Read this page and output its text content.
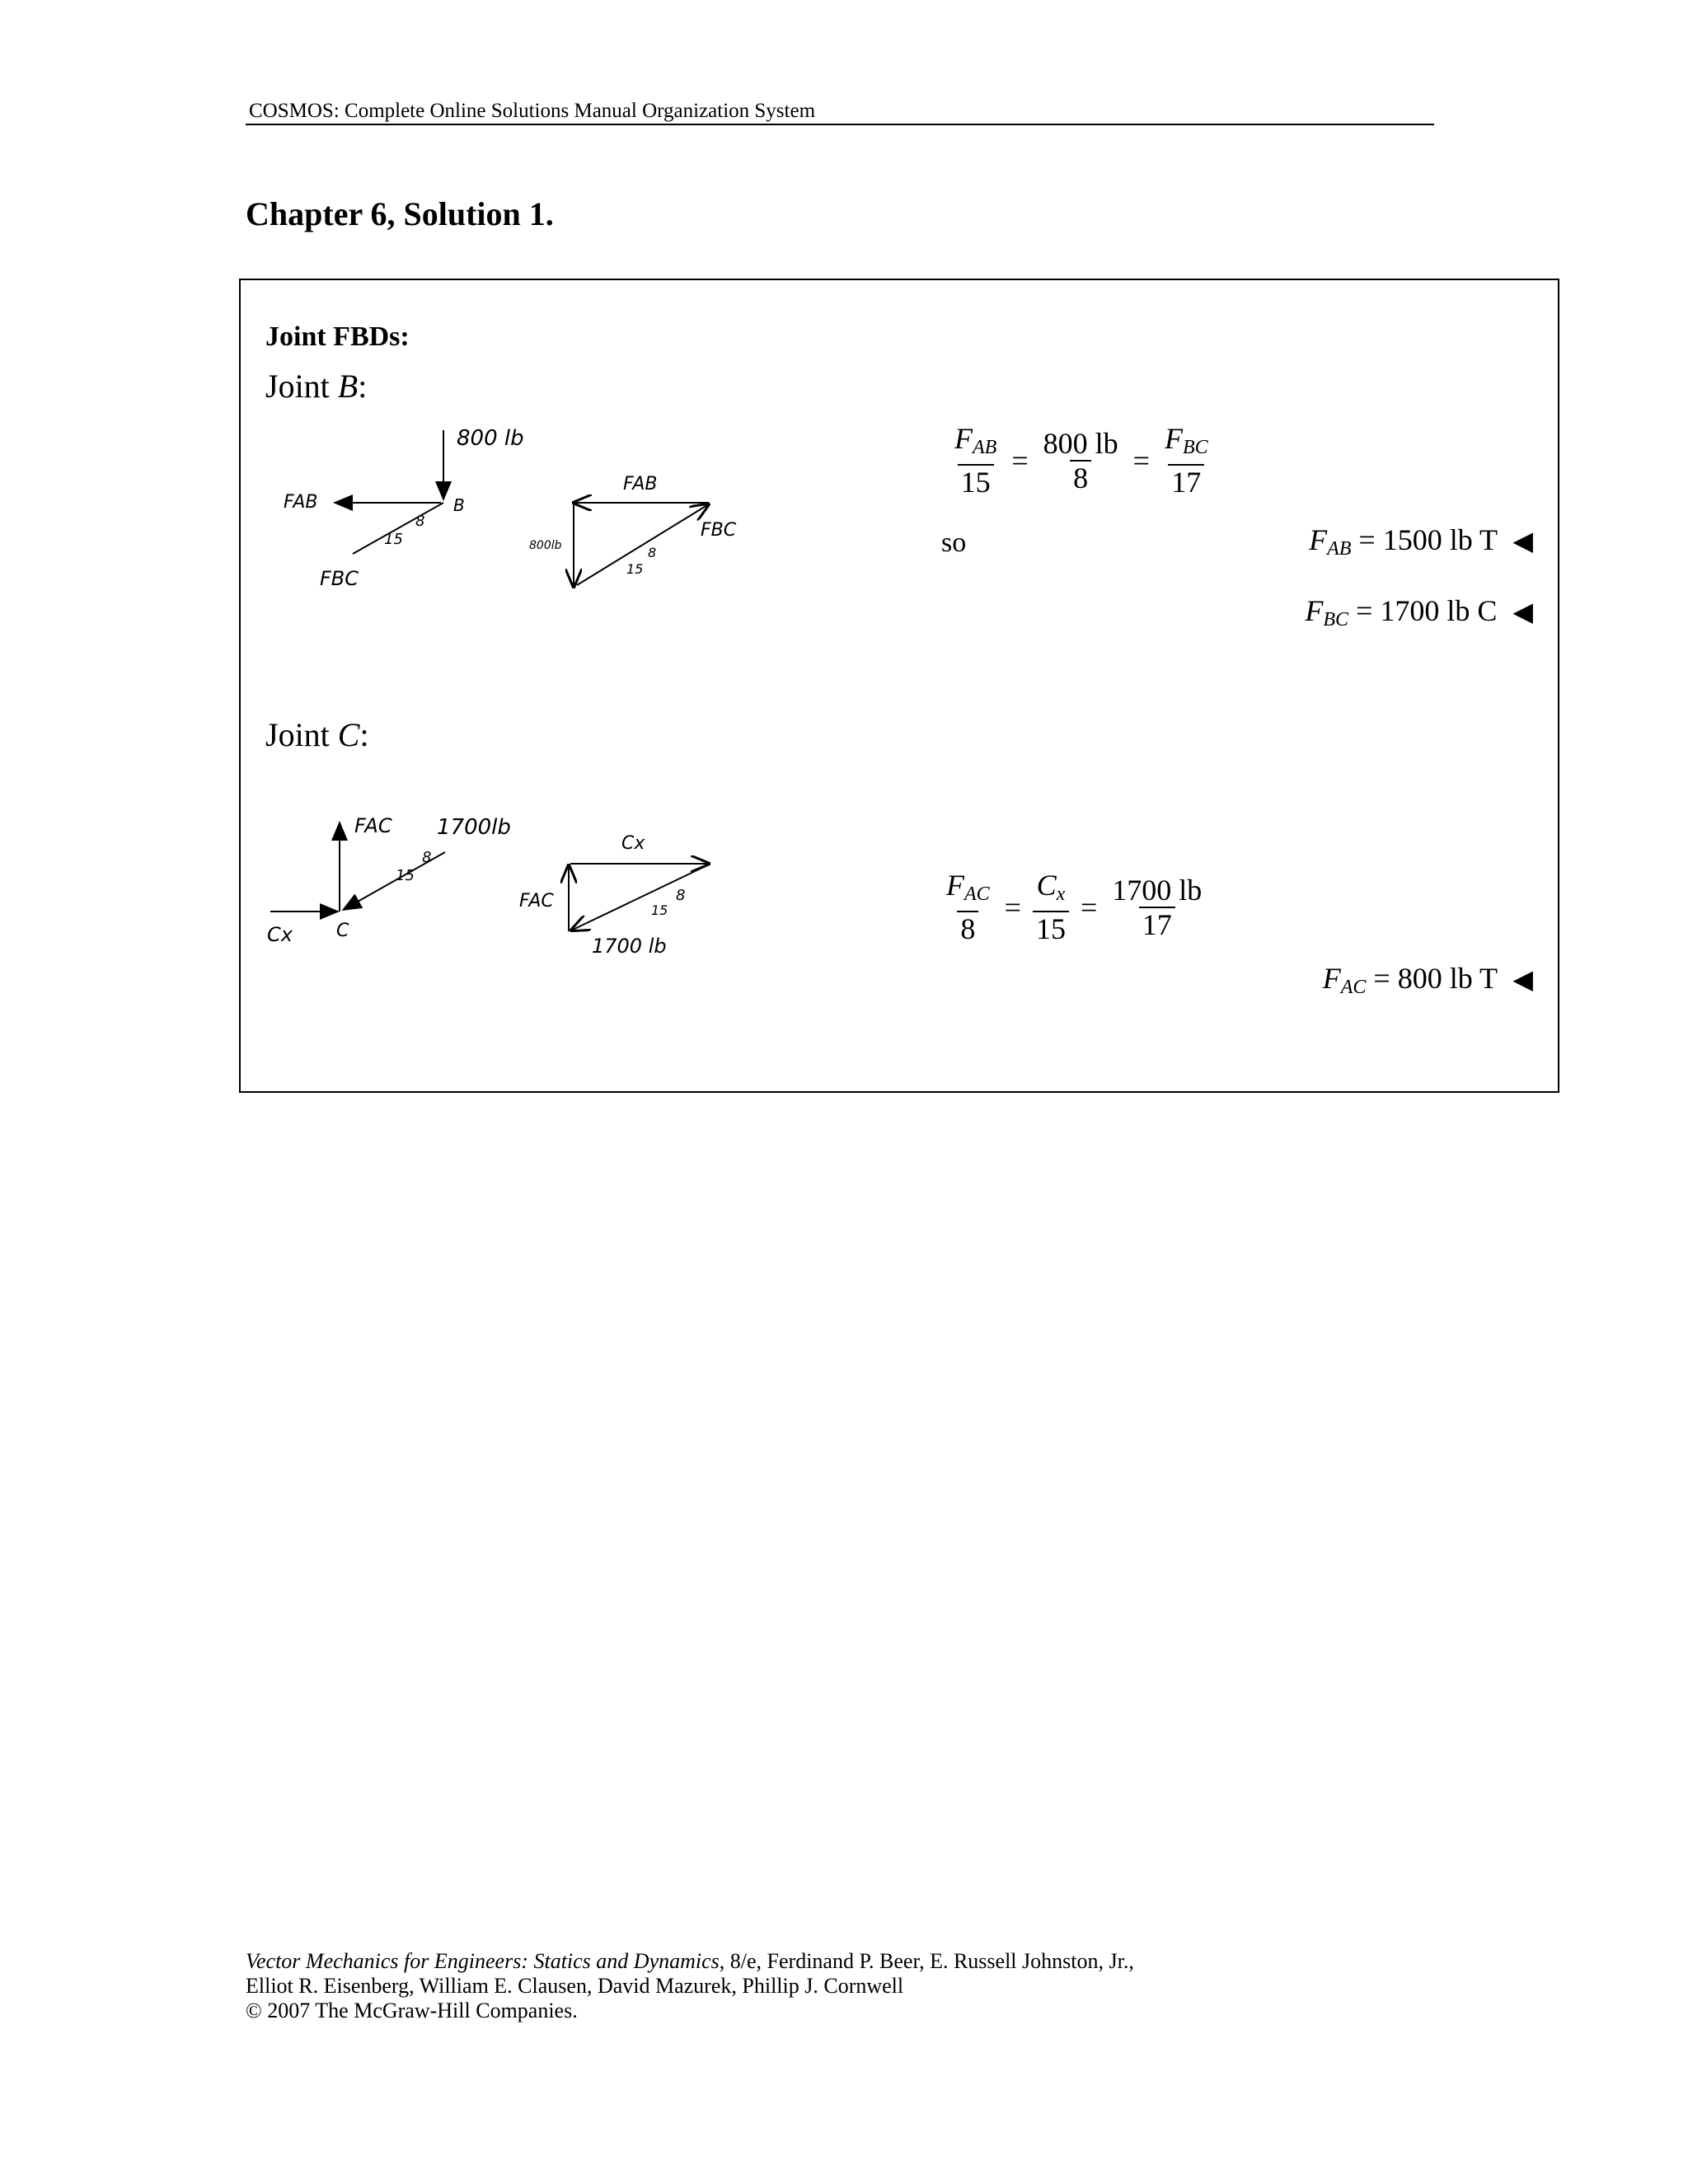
COSMOS: Complete Online Solutions Manual Organization System
Chapter 6, Solution 1.
Joint FBDs:
Joint B:
800 lb
FAB	B
8
15
FBC
FAB
FBC
800lb	8
15
$\frac{F_{AB}}{15} = \frac{800 lb}{8} = \frac{F_{BC}}{17}$
so	$F_{AB} = 1500$ lb T ◀
$F_{BC} = 1700$ lb C ◀
Joint C:
FAC 1700lb
8
15
Cx C
Cx
FAC	8
15
1700 lb
$\frac{F_{AC}}{8} = \frac{C_x}{15} = \frac{1700 lb}{17}$
$F_{AC} = 800$ lb T ◀
Vector Mechanics for Engineers: Statics and Dynamics, 8/e, Ferdinand P. Beer, E. Russell Johnston, Jr.,
Elliot R. Eisenberg, William E. Clausen, David Mazurek, Phillip J. Cornwell
© 2007 The McGraw-Hill Companies.
